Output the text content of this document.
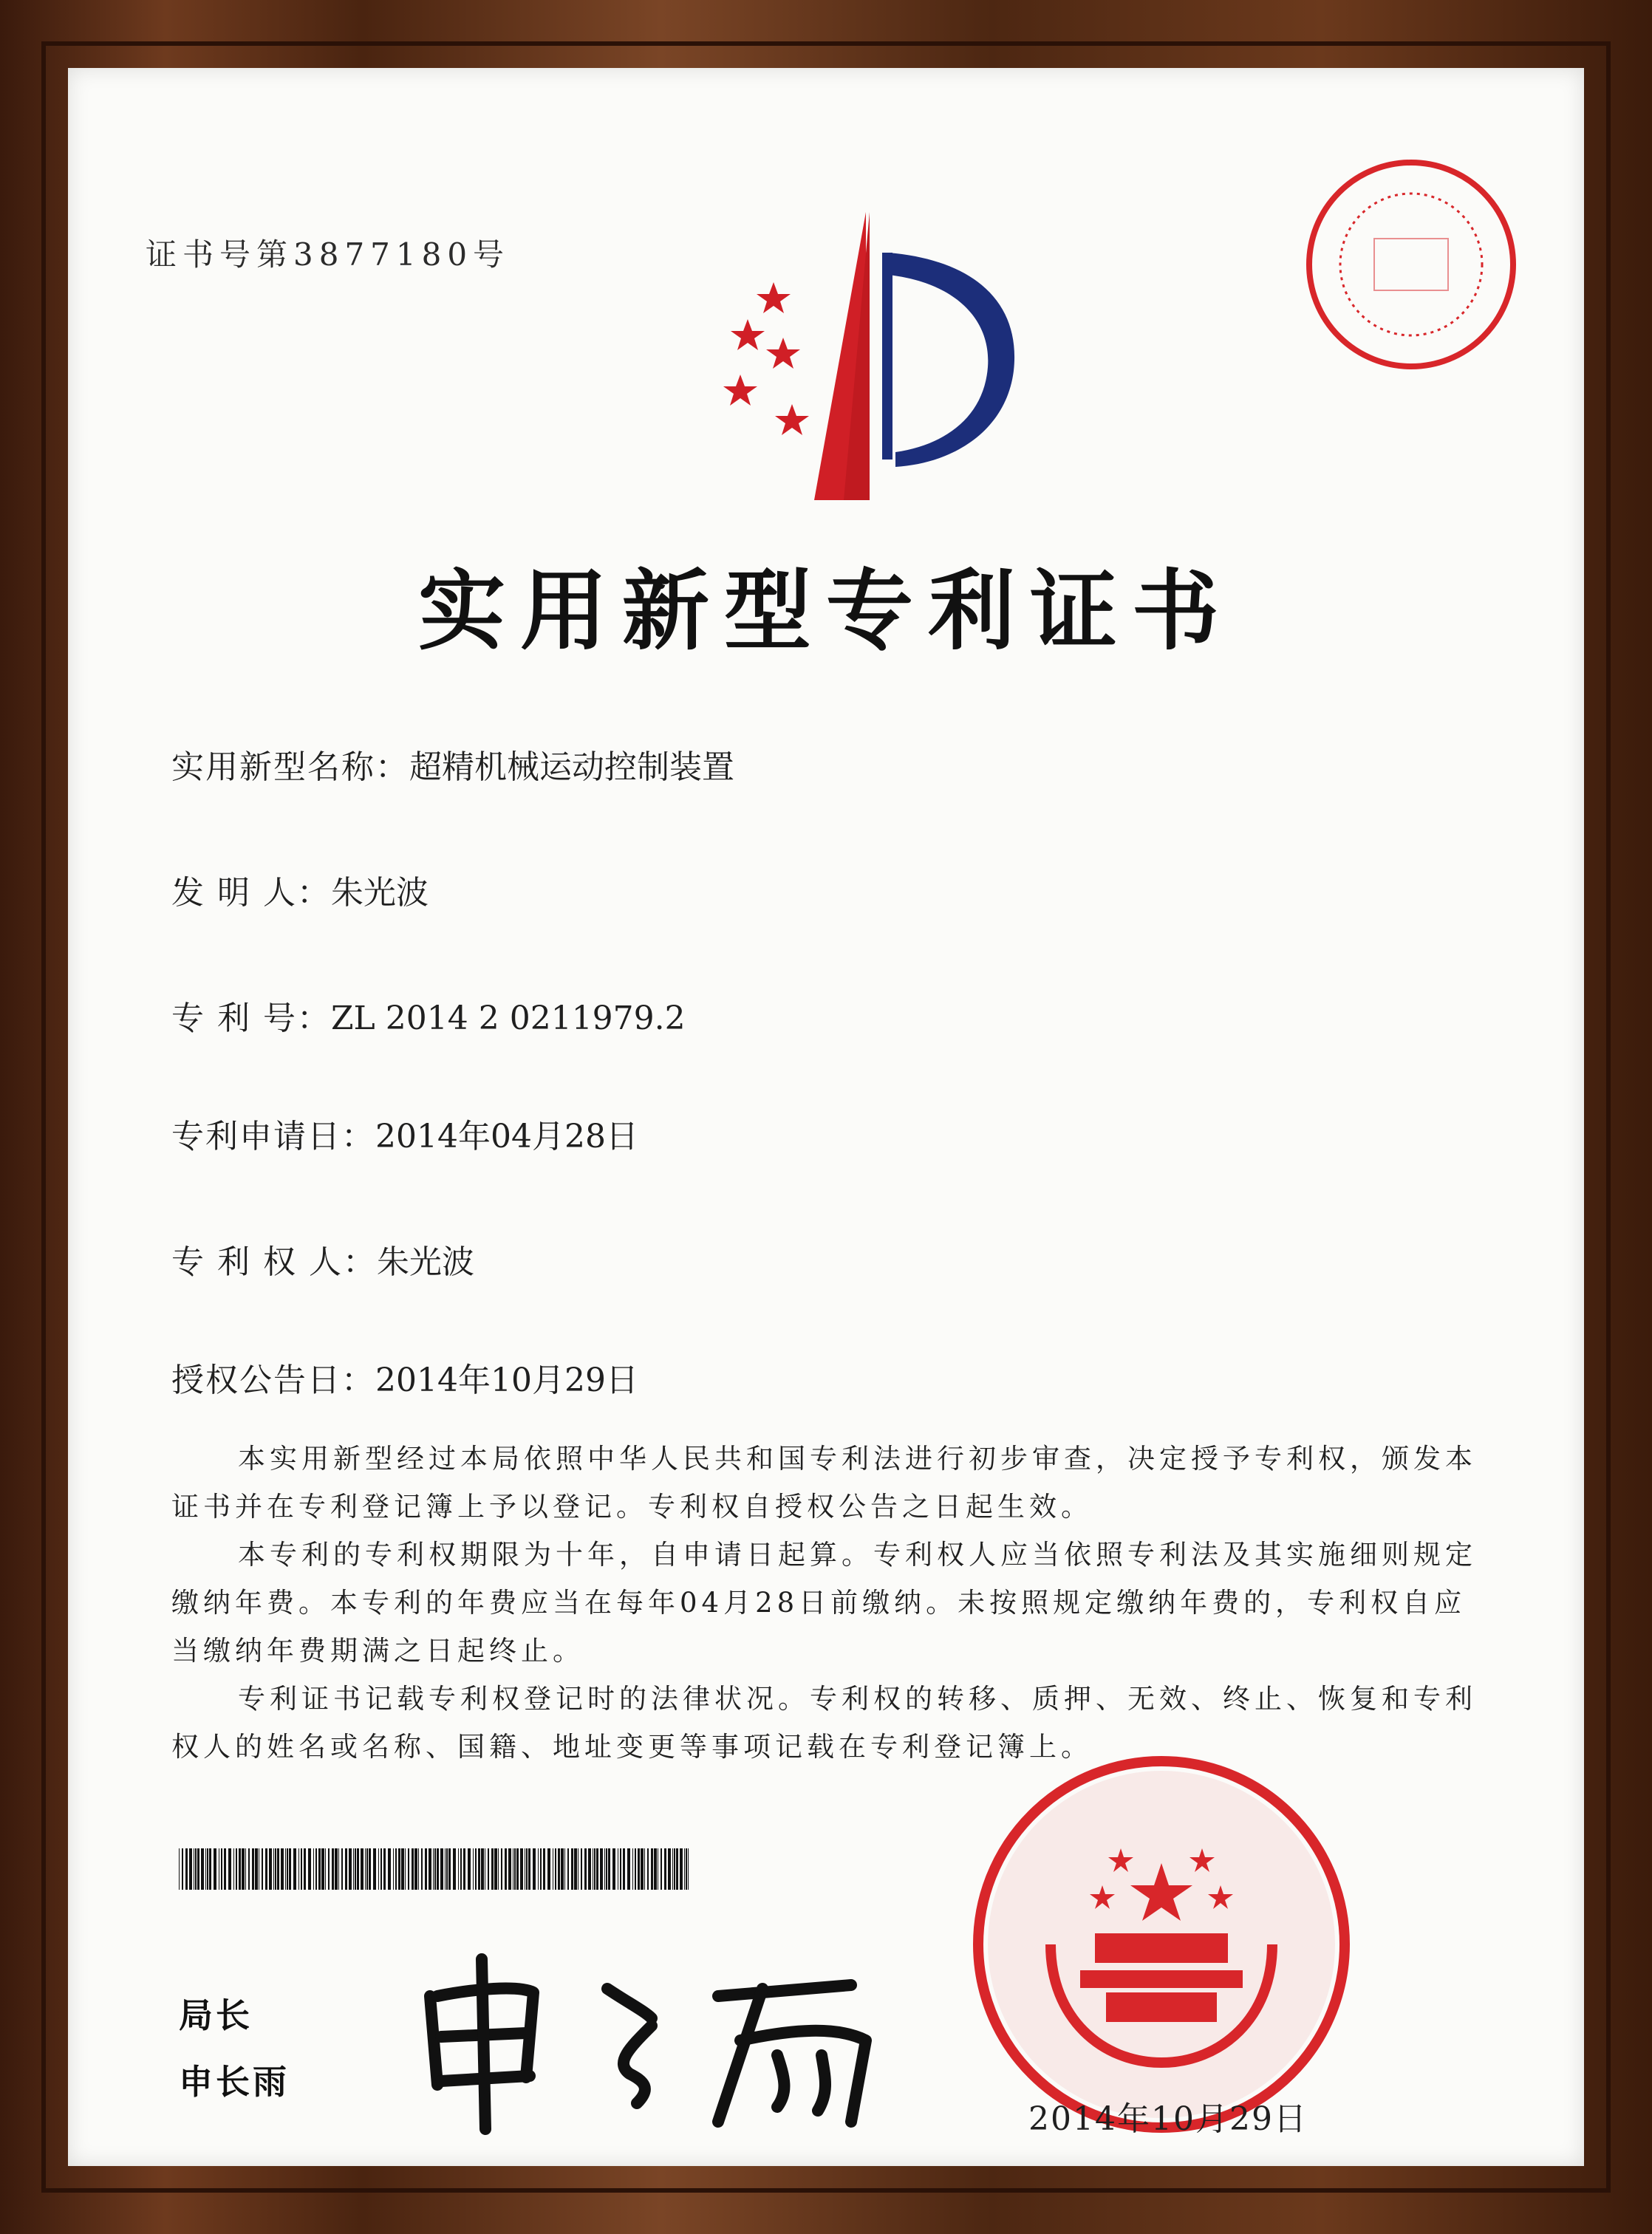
证书号第3877180号
实用新型专利证书
实用新型名称：超精机械运动控制装置
发 明 人：朱光波
专 利 号：ZL 2014 2 0211979.2
专利申请日：2014年04月28日
专 利 权 人：朱光波
授权公告日：2014年10月29日

本实用新型经过本局依照中华人民共和国专利法进行初步审查，决定授予专利权，颁发本证书并在专利登记簿上予以登记。专利权自授权公告之日起生效。

本专利的专利权期限为十年，自申请日起算。专利权人应当依照专利法及其实施细则规定缴纳年费。本专利的年费应当在每年04月28日前缴纳。未按照规定缴纳年费的，专利权自应当缴纳年费期满之日起终止。

专利证书记载专利权登记时的法律状况。专利权的转移、质押、无效、终止、恢复和专利权人的姓名或名称、国籍、地址变更等事项记载在专利登记簿上。

局长
申长雨
2014年10月29日
